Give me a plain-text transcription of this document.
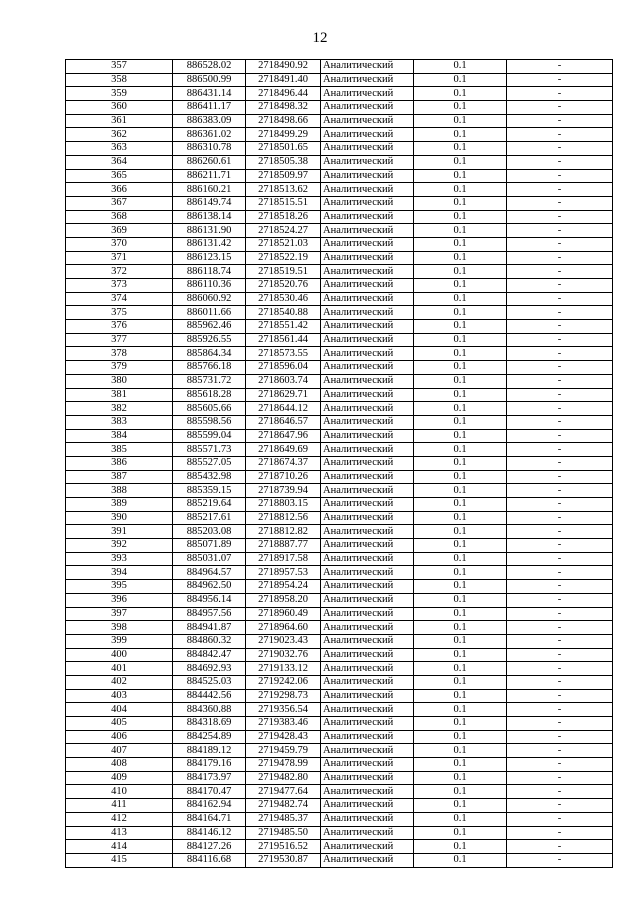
12
357	886528.02	2718490.92	Аналитический	0.1	-
358	886500.99	2718491.40	Аналитический	0.1	-
359	886431.14	2718496.44	Аналитический	0.1	-
360	886411.17	2718498.32	Аналитический	0.1	-
361	886383.09	2718498.66	Аналитический	0.1	-
362	886361.02	2718499.29	Аналитический	0.1	-
363	886310.78	2718501.65	Аналитический	0.1	-
364	886260.61	2718505.38	Аналитический	0.1	-
365	886211.71	2718509.97	Аналитический	0.1	-
366	886160.21	2718513.62	Аналитический	0.1	-
367	886149.74	2718515.51	Аналитический	0.1	-
368	886138.14	2718518.26	Аналитический	0.1	-
369	886131.90	2718524.27	Аналитический	0.1	-
370	886131.42	2718521.03	Аналитический	0.1	-
371	886123.15	2718522.19	Аналитический	0.1	-
372	886118.74	2718519.51	Аналитический	0.1	-
373	886110.36	2718520.76	Аналитический	0.1	-
374	886060.92	2718530.46	Аналитический	0.1	-
375	886011.66	2718540.88	Аналитический	0.1	-
376	885962.46	2718551.42	Аналитический	0.1	-
377	885926.55	2718561.44	Аналитический	0.1	-
378	885864.34	2718573.55	Аналитический	0.1	-
379	885766.18	2718596.04	Аналитический	0.1	-
380	885731.72	2718603.74	Аналитический	0.1	-
381	885618.28	2718629.71	Аналитический	0.1	-
382	885605.66	2718644.12	Аналитический	0.1	-
383	885598.56	2718646.57	Аналитический	0.1	-
384	885599.04	2718647.96	Аналитический	0.1	-
385	885571.73	2718649.69	Аналитический	0.1	-
386	885527.05	2718674.37	Аналитический	0.1	-
387	885432.98	2718710.26	Аналитический	0.1	-
388	885359.15	2718739.94	Аналитический	0.1	-
389	885219.64	2718803.15	Аналитический	0.1	-
390	885217.61	2718812.56	Аналитический	0.1	-
391	885203.08	2718812.82	Аналитический	0.1	-
392	885071.89	2718887.77	Аналитический	0.1	-
393	885031.07	2718917.58	Аналитический	0.1	-
394	884964.57	2718957.53	Аналитический	0.1	-
395	884962.50	2718954.24	Аналитический	0.1	-
396	884956.14	2718958.20	Аналитический	0.1	-
397	884957.56	2718960.49	Аналитический	0.1	-
398	884941.87	2718964.60	Аналитический	0.1	-
399	884860.32	2719023.43	Аналитический	0.1	-
400	884842.47	2719032.76	Аналитический	0.1	-
401	884692.93	2719133.12	Аналитический	0.1	-
402	884525.03	2719242.06	Аналитический	0.1	-
403	884442.56	2719298.73	Аналитический	0.1	-
404	884360.88	2719356.54	Аналитический	0.1	-
405	884318.69	2719383.46	Аналитический	0.1	-
406	884254.89	2719428.43	Аналитический	0.1	-
407	884189.12	2719459.79	Аналитический	0.1	-
408	884179.16	2719478.99	Аналитический	0.1	-
409	884173.97	2719482.80	Аналитический	0.1	-
410	884170.47	2719477.64	Аналитический	0.1	-
411	884162.94	2719482.74	Аналитический	0.1	-
412	884164.71	2719485.37	Аналитический	0.1	-
413	884146.12	2719485.50	Аналитический	0.1	-
414	884127.26	2719516.52	Аналитический	0.1	-
415	884116.68	2719530.87	Аналитический	0.1	-
